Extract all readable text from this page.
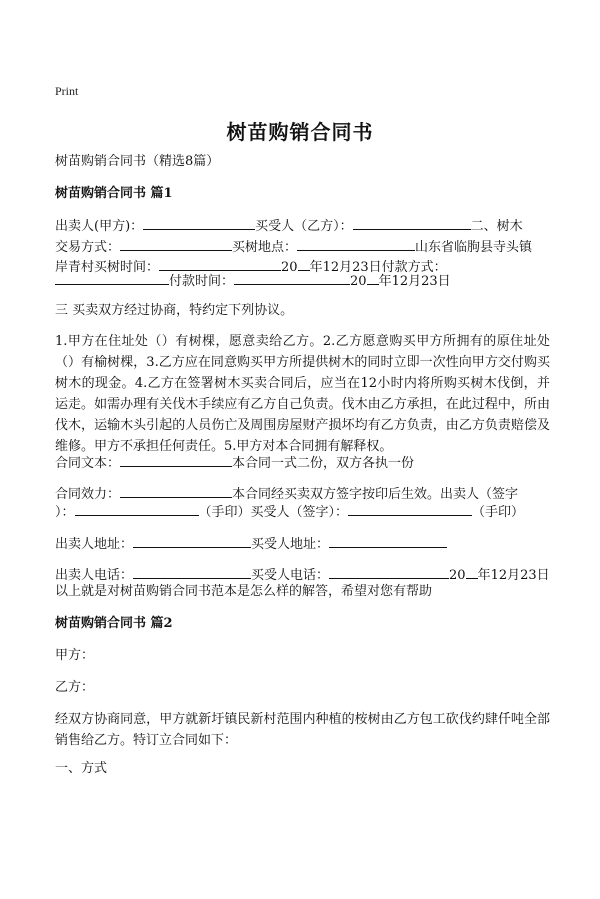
Print
树苗购销合同书
树苗购销合同书（精选8篇）
树苗购销合同书 篇1
出卖人(甲方)：	买受人（乙方）：	二、树木
交易方式：	买树地点：	山东省临朐县寺头镇
岸青村买树时间：	20 年12月23日付款方式：
付款时间：	20 年12月23日
三 买卖双方经过协商，特约定下列协议。
1.甲方在住址处（）有树棵，愿意卖给乙方。2.乙方愿意购买甲方所拥有的原住址处（）有榆树棵，3.乙方应在同意购买甲方所提供树木的同时立即一次性向甲方交付购买树木的现金。4.乙方在签署树木买卖合同后，应当在12小时内将所购买树木伐倒，并运走。如需办理有关伐木手续应有乙方自己负责。伐木由乙方承担，在此过程中，所由伐木，运输木头引起的人员伤亡及周围房屋财产损坏均有乙方负责，由乙方负责赔偿及维修。甲方不承担任何责任。5.甲方对本合同拥有解释权。
合同文本：	本合同一式二份，双方各执一份
合同效力：	本合同经买卖双方签字按印后生效。出卖人（签字
）：	（手印）买受人（签字）：	（手印）
出卖人地址：	买受人地址：
出卖人电话：	买受人电话：	20 年12月23日
以上就是对树苗购销合同书范本是怎么样的解答，希望对您有帮助
树苗购销合同书 篇2
甲方：
乙方：
经双方协商同意，甲方就新圩镇民新村范围内种植的桉树由乙方包工砍伐约肆仟吨全部销售给乙方。特订立合同如下：
一、方式
